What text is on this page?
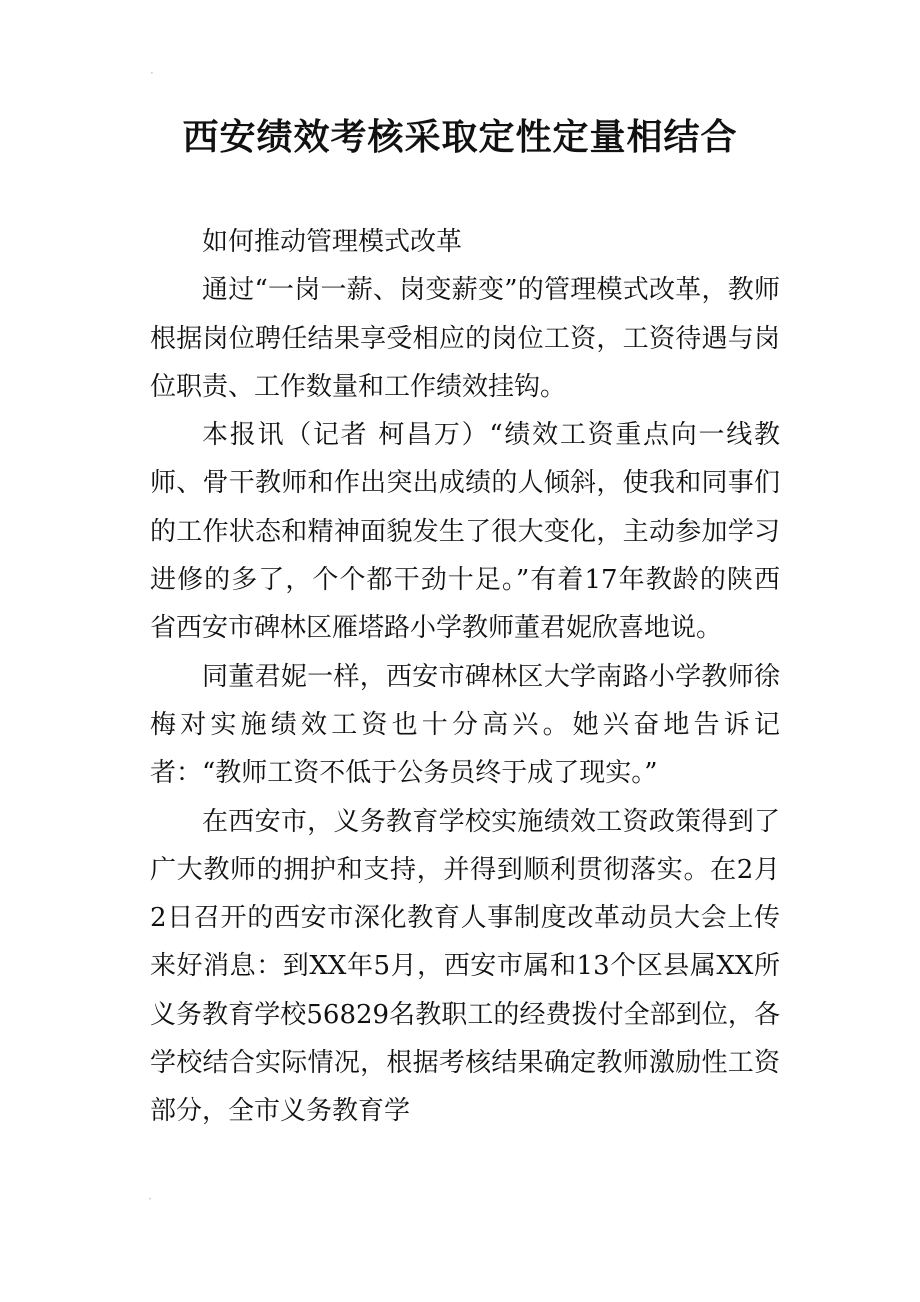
·
西安绩效考核采取定性定量相结合

如何推动管理模式改革

通过“一岗一薪、岗变薪变”的管理模式改革，教师根据岗位聘任结果享受相应的岗位工资，工资待遇与岗位职责、工作数量和工作绩效挂钩。

本报讯（记者 柯昌万）“绩效工资重点向一线教师、骨干教师和作出突出成绩的人倾斜，使我和同事们的工作状态和精神面貌发生了很大变化，主动参加学习进修的多了，个个都干劲十足。”有着17年教龄的陕西省西安市碑林区雁塔路小学教师董君妮欣喜地说。

同董君妮一样，西安市碑林区大学南路小学教师徐梅对实施绩效工资也十分高兴。她兴奋地告诉记者：“教师工资不低于公务员终于成了现实。”

在西安市，义务教育学校实施绩效工资政策得到了广大教师的拥护和支持，并得到顺利贯彻落实。在2月2日召开的西安市深化教育人事制度改革动员大会上传来好消息：到XX年5月，西安市属和13个区县属XX所义务教育学校56829名教职工的经费拨付全部到位，各学校结合实际情况，根据考核结果确定教师激励性工资部分，全市义务教育学

·
